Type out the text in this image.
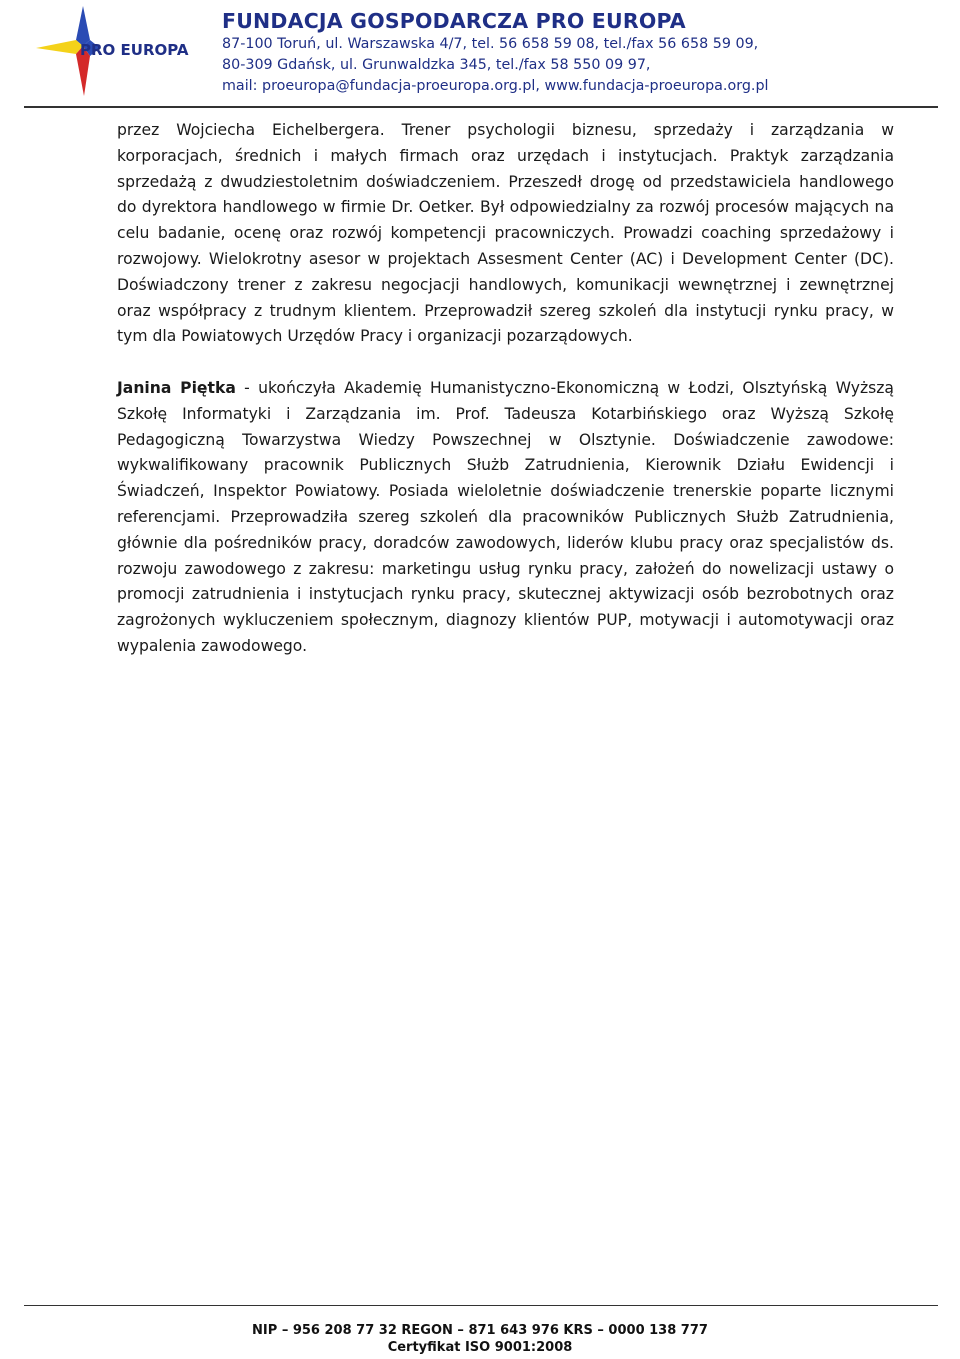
PRO EUROPA
FUNDACJA GOSPODARCZA PRO EUROPA
87-100 Toruń, ul. Warszawska 4/7, tel. 56 658 59 08, tel./fax 56 658 59 09,
80-309 Gdańsk, ul. Grunwaldzka 345, tel./fax 58 550 09 97,
mail: proeuropa@fundacja-proeuropa.org.pl, www.fundacja-proeuropa.org.pl

przez Wojciecha Eichelbergera. Trener psychologii biznesu, sprzedaży i zarządzania w korporacjach, średnich i małych firmach oraz urzędach i instytucjach. Praktyk zarządzania sprzedażą z dwudziestoletnim doświadczeniem. Przeszedł drogę od przedstawiciela handlowego do dyrektora handlowego w firmie Dr. Oetker. Był odpowiedzialny za rozwój procesów mających na celu badanie, ocenę oraz rozwój kompetencji pracowniczych. Prowadzi coaching sprzedażowy i rozwojowy. Wielokrotny asesor w projektach Assesment Center (AC) i Development Center (DC). Doświadczony trener z zakresu negocjacji handlowych, komunikacji wewnętrznej i zewnętrznej oraz współpracy z trudnym klientem. Przeprowadził szereg szkoleń dla instytucji rynku pracy, w tym dla Powiatowych Urzędów Pracy i organizacji pozarządowych.

Janina Piętka - ukończyła Akademię Humanistyczno-Ekonomiczną w Łodzi, Olsztyńską Wyższą Szkołę Informatyki i Zarządzania im. Prof. Tadeusza Kotarbińskiego oraz Wyższą Szkołę Pedagogiczną Towarzystwa Wiedzy Powszechnej w Olsztynie. Doświadczenie zawodowe: wykwalifikowany pracownik Publicznych Służb Zatrudnienia, Kierownik Działu Ewidencji i Świadczeń, Inspektor Powiatowy. Posiada wieloletnie doświadczenie trenerskie poparte licznymi referencjami. Przeprowadziła szereg szkoleń dla pracowników Publicznych Służb Zatrudnienia, głównie dla pośredników pracy, doradców zawodowych, liderów klubu pracy oraz specjalistów ds. rozwoju zawodowego z zakresu: marketingu usług rynku pracy, założeń do nowelizacji ustawy o promocji zatrudnienia i instytucjach rynku pracy, skutecznej aktywizacji osób bezrobotnych oraz zagrożonych wykluczeniem społecznym, diagnozy klientów PUP, motywacji i automotywacji oraz wypalenia zawodowego.

NIP – 956 208 77 32 REGON – 871 643 976 KRS – 0000 138 777
Certyfikat ISO 9001:2008
